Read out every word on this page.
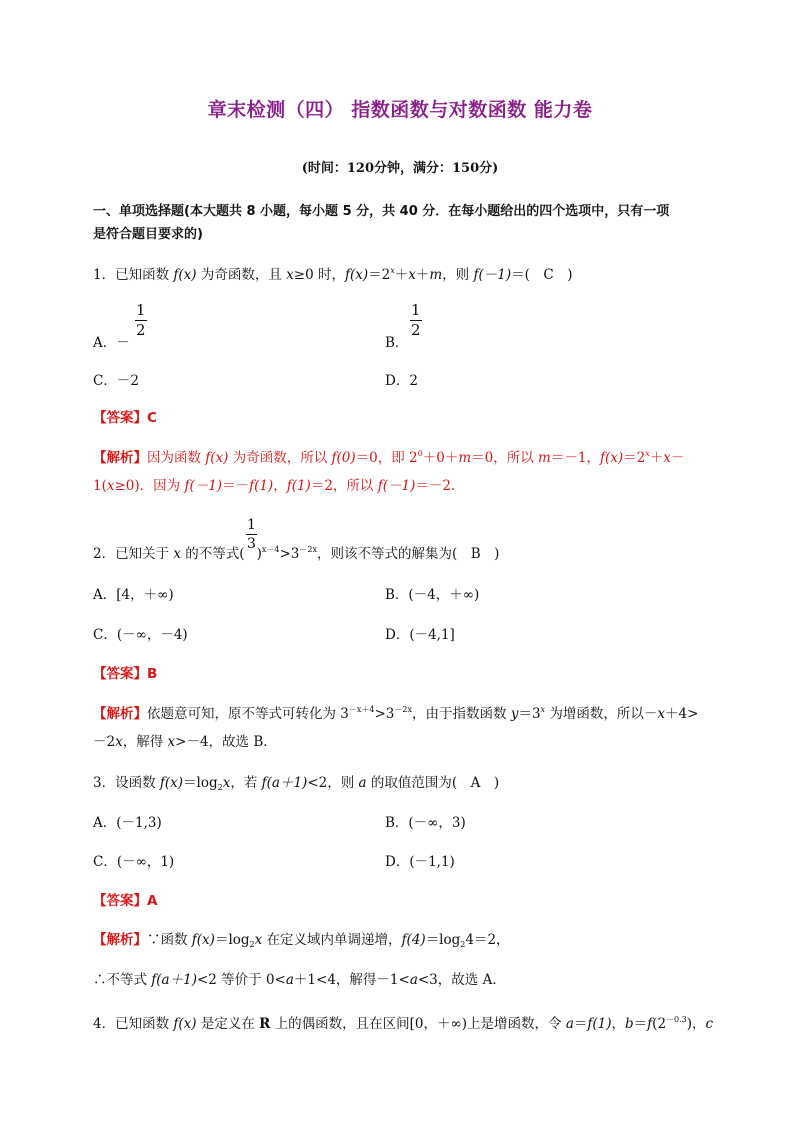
章末检测（四） 指数函数与对数函数 能力卷
(时间：120分钟，满分：150分)
一、单项选择题(本大题共 8 小题，每小题 5 分，共 40 分．在每小题给出的四个选项中，只有一项
是符合题目要求的)
1．已知函数 f(x) 为奇函数，且 x≥0 时，$f(x)=2^x+x+m$，则 f(－1)＝(　C　)
A．－
$\frac{1}{2}$
B．
$\frac{1}{2}$
C．－2	D．2
【答案】C
【解析】因为函数 f(x) 为奇函数，所以 f(0)＝0，即 $2^0+0+m=0$，所以 m＝－1，$f(x)=2^x+x-$
1(x≥0)．因为 f(－1)＝－f(1)，f(1)＝2，所以 f(－1)＝－2.
$\frac{1}{3}$
2．已知关于 x 的不等式( )$^{x-4}>3^{-2x}$，则该不等式的解集为(　B　)
A．[4，＋∞)	B．(－4，＋∞)
C．(－∞，－4)	D．(－4,1]
【答案】B
【解析】依题意可知，原不等式可转化为 $3^{-x+4}>3^{-2x}$，由于指数函数 $y=3^x$ 为增函数，所以－x＋4>
－2x，解得 x>－4，故选 B．
3．设函数 $f(x)=\log_2x$，若 f(a＋1)<2，则 a 的取值范围为(　A　)
A．(－1,3)	B．(－∞，3)
C．(－∞，1)	D．(－1,1)
【答案】A
【解析】∵函数 $f(x)=\log_2x$ 在定义域内单调递增，$f(4)=\log_24=2$，
∴不等式 f(a＋1)<2 等价于 0<a＋1<4，解得－1<a<3，故选 A．
4．已知函数 f(x) 是定义在 R 上的偶函数，且在区间[0，＋∞)上是增函数，令 a＝f(1)，$b=f(2^{-0.3})$，c
